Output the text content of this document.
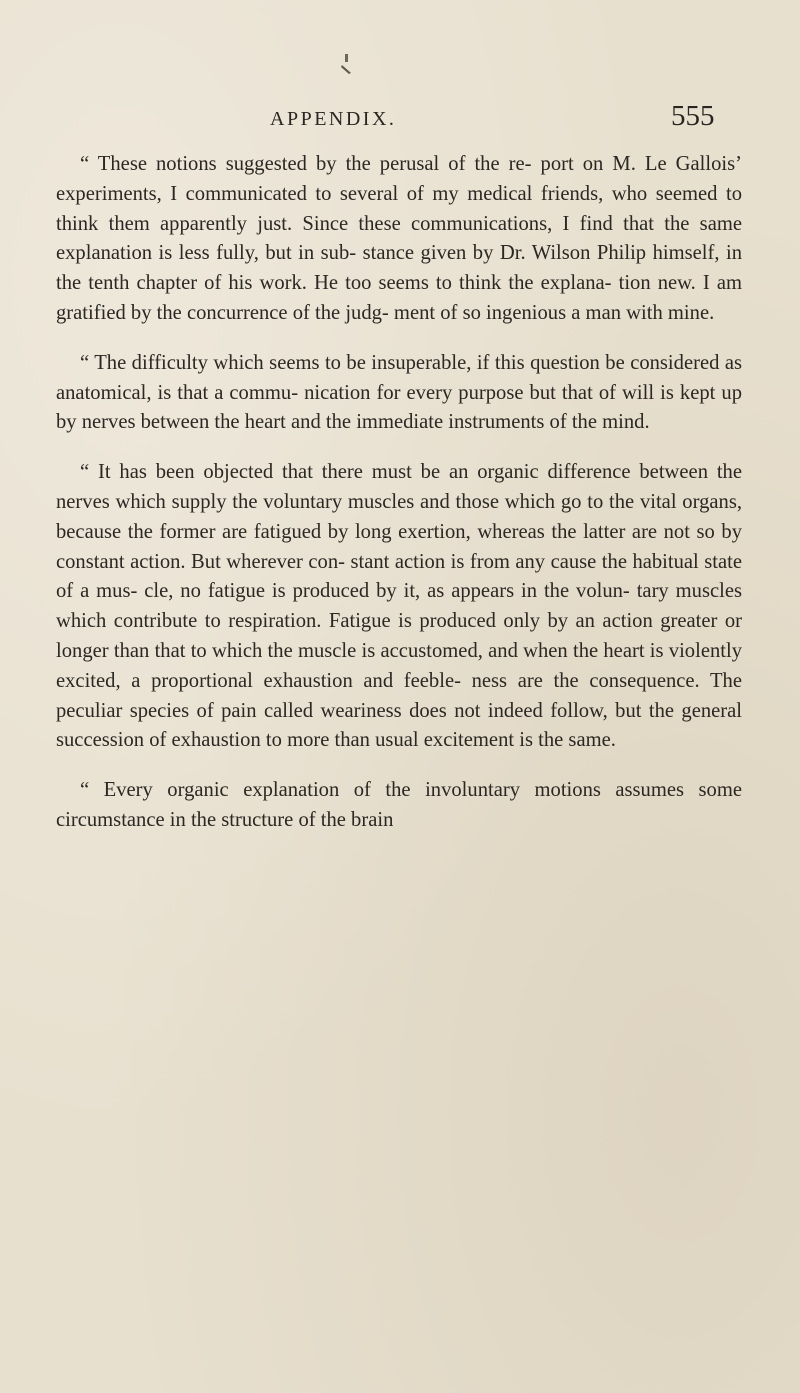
APPENDIX.	555

“ These notions suggested by the perusal of the re- port on M. Le Gallois’ experiments, I communicated to several of my medical friends, who seemed to think them apparently just. Since these communications, I find that the same explanation is less fully, but in sub- stance given by Dr. Wilson Philip himself, in the tenth chapter of his work. He too seems to think the explana- tion new. I am gratified by the concurrence of the judg- ment of so ingenious a man with mine.

“ The difficulty which seems to be insuperable, if this question be considered as anatomical, is that a commu- nication for every purpose but that of will is kept up by nerves between the heart and the immediate instruments of the mind.

“ It has been objected that there must be an organic difference between the nerves which supply the voluntary muscles and those which go to the vital organs, because the former are fatigued by long exertion, whereas the latter are not so by constant action. But wherever con- stant action is from any cause the habitual state of a mus- cle, no fatigue is produced by it, as appears in the volun- tary muscles which contribute to respiration. Fatigue is produced only by an action greater or longer than that to which the muscle is accustomed, and when the heart is violently excited, a proportional exhaustion and feeble- ness are the consequence. The peculiar species of pain called weariness does not indeed follow, but the general succession of exhaustion to more than usual excitement is the same.

“ Every organic explanation of the involuntary motions assumes some circumstance in the structure of the brain
